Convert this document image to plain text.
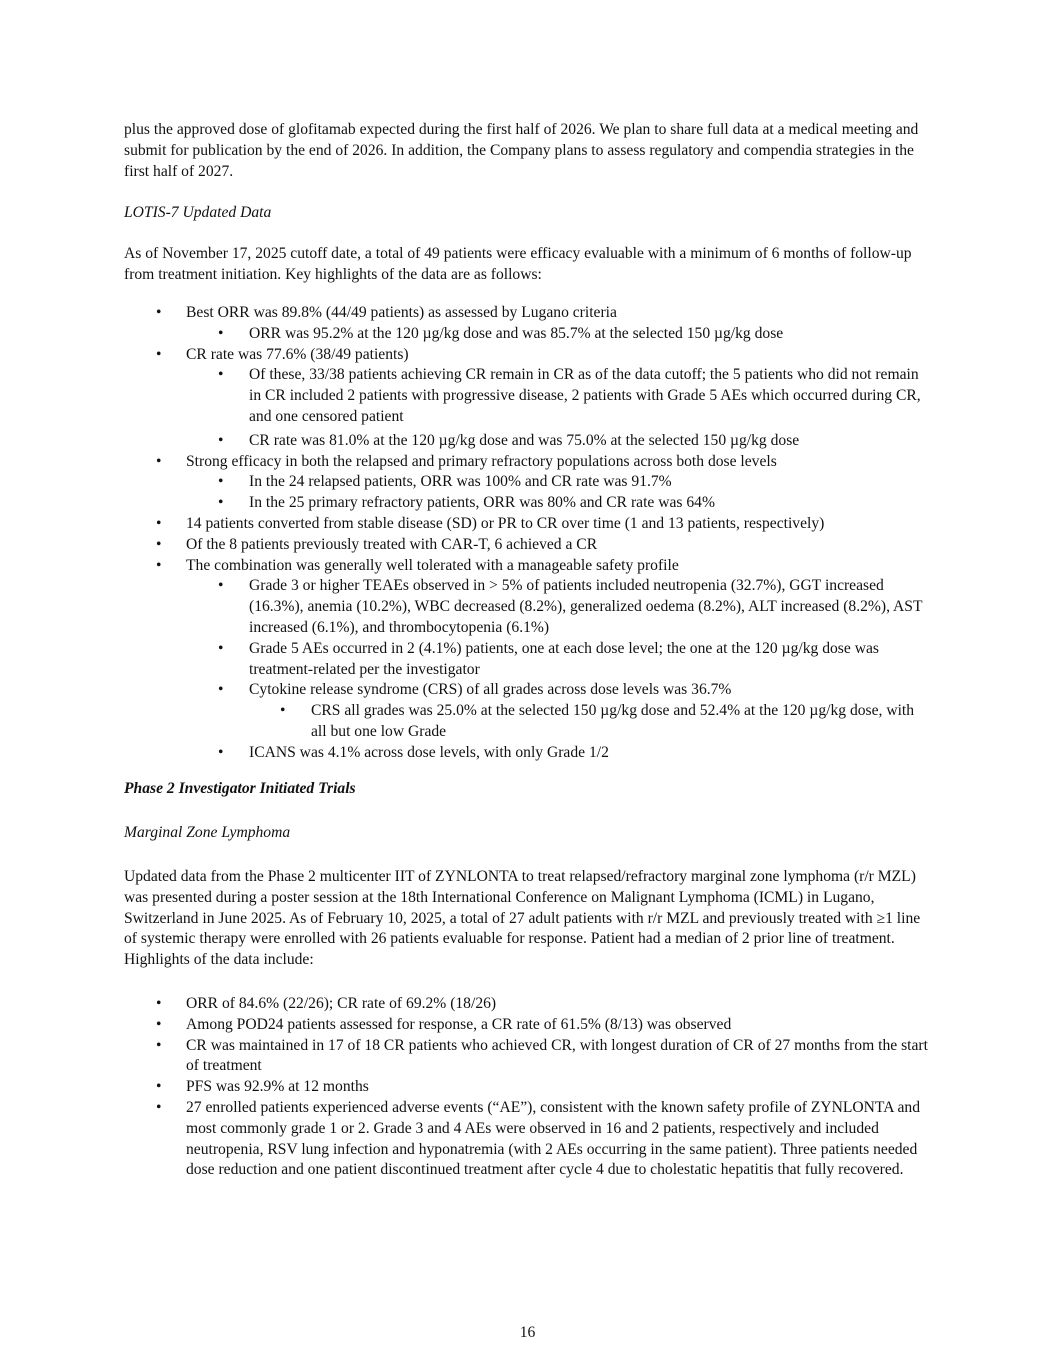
plus the approved dose of glofitamab expected during the first half of 2026. We plan to share full data at a medical meeting and submit for publication by the end of 2026. In addition, the Company plans to assess regulatory and compendia strategies in the first half of 2027.

LOTIS-7 Updated Data

As of November 17, 2025 cutoff date, a total of 49 patients were efficacy evaluable with a minimum of 6 months of follow-up from treatment initiation. Key highlights of the data are as follows:

• Best ORR was 89.8% (44/49 patients) as assessed by Lugano criteria
• ORR was 95.2% at the 120 µg/kg dose and was 85.7% at the selected 150 µg/kg dose
• CR rate was 77.6% (38/49 patients)
• Of these, 33/38 patients achieving CR remain in CR as of the data cutoff; the 5 patients who did not remain in CR included 2 patients with progressive disease, 2 patients with Grade 5 AEs which occurred during CR, and one censored patient
• CR rate was 81.0% at the 120 µg/kg dose and was 75.0% at the selected 150 µg/kg dose
• Strong efficacy in both the relapsed and primary refractory populations across both dose levels
• In the 24 relapsed patients, ORR was 100% and CR rate was 91.7%
• In the 25 primary refractory patients, ORR was 80% and CR rate was 64%
• 14 patients converted from stable disease (SD) or PR to CR over time (1 and 13 patients, respectively)
• Of the 8 patients previously treated with CAR-T, 6 achieved a CR
• The combination was generally well tolerated with a manageable safety profile
• Grade 3 or higher TEAEs observed in > 5% of patients included neutropenia (32.7%), GGT increased (16.3%), anemia (10.2%), WBC decreased (8.2%), generalized oedema (8.2%), ALT increased (8.2%), AST increased (6.1%), and thrombocytopenia (6.1%)
• Grade 5 AEs occurred in 2 (4.1%) patients, one at each dose level; the one at the 120 µg/kg dose was treatment-related per the investigator
• Cytokine release syndrome (CRS) of all grades across dose levels was 36.7%
• CRS all grades was 25.0% at the selected 150 µg/kg dose and 52.4% at the 120 µg/kg dose, with all but one low Grade
• ICANS was 4.1% across dose levels, with only Grade 1/2

Phase 2 Investigator Initiated Trials

Marginal Zone Lymphoma

Updated data from the Phase 2 multicenter IIT of ZYNLONTA to treat relapsed/refractory marginal zone lymphoma (r/r MZL) was presented during a poster session at the 18th International Conference on Malignant Lymphoma (ICML) in Lugano, Switzerland in June 2025. As of February 10, 2025, a total of 27 adult patients with r/r MZL and previously treated with ≥1 line of systemic therapy were enrolled with 26 patients evaluable for response. Patient had a median of 2 prior line of treatment. Highlights of the data include:

• ORR of 84.6% (22/26); CR rate of 69.2% (18/26)
• Among POD24 patients assessed for response, a CR rate of 61.5% (8/13) was observed
• CR was maintained in 17 of 18 CR patients who achieved CR, with longest duration of CR of 27 months from the start of treatment
• PFS was 92.9% at 12 months
• 27 enrolled patients experienced adverse events (“AE”), consistent with the known safety profile of ZYNLONTA and most commonly grade 1 or 2. Grade 3 and 4 AEs were observed in 16 and 2 patients, respectively and included neutropenia, RSV lung infection and hyponatremia (with 2 AEs occurring in the same patient). Three patients needed dose reduction and one patient discontinued treatment after cycle 4 due to cholestatic hepatitis that fully recovered.
16
